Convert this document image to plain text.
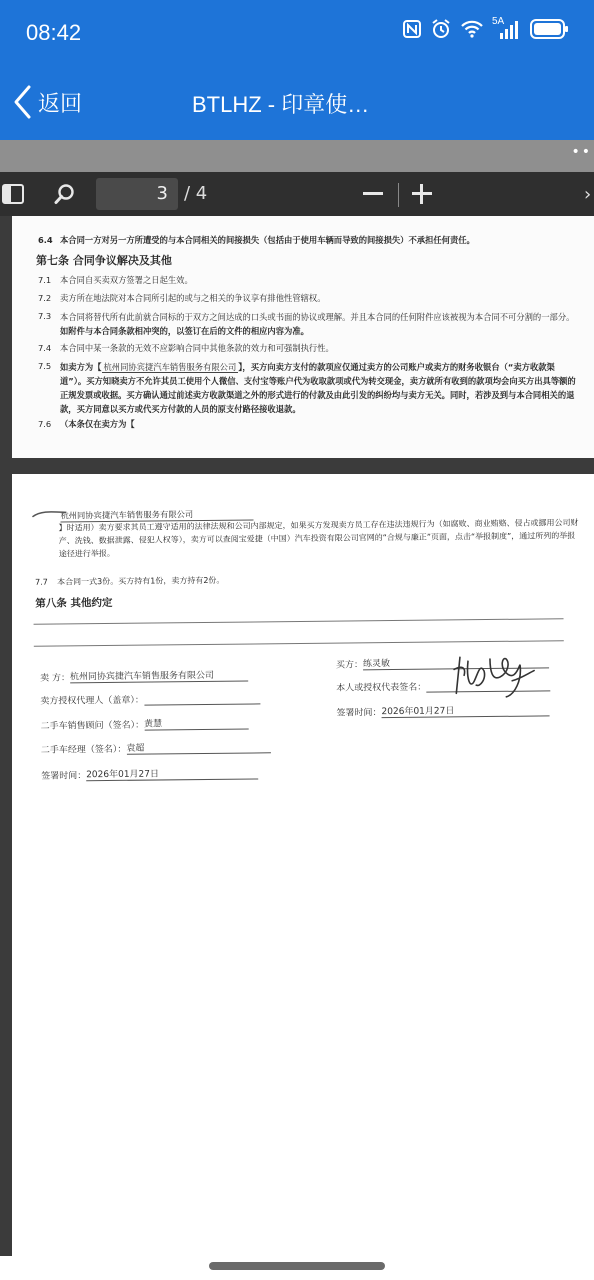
08:42	5A
返回	BTLHZ - 印章使…
••
3 / 4	›
6.4 本合同一方对另一方所遭受的与本合同相关的间接损失（包括由于使用车辆而导致的间接损失）不承担任何责任。
第七条 合同争议解决及其他
7.1 本合同自买卖双方签署之日起生效。
7.2 卖方所在地法院对本合同所引起的或与之相关的争议享有排他性管辖权。
7.3	本合同将替代所有此前就合同标的于双方之间达成的口头或书面的协议或理解。并且本合同的任何附件应该被视为本合同不可分割的一部分。如附件与本合同条款相冲突的，以签订在后的文件的相应内容为准。
7.4 本合同中某一条款的无效不应影响合同中其他条款的效力和可强制执行性。
7.5	如卖方为【 杭州同协宾捷汽车销售服务有限公司 】，买方向卖方支付的款项应仅通过卖方的公司账户或卖方的财务收银台（“卖方收款渠道”）。买方知晓卖方不允许其员工使用个人微信、支付宝等账户代为收取款项或代为转交现金，卖方就所有收到的款项均会向买方出具等额的正规发票或收据。买方确认通过前述卖方收款渠道之外的形式进行的付款及由此引发的纠纷均与卖方无关。同时，若涉及到与本合同相关的退款，买方同意以买方或代买方付款的人员的原支付路径接收退款。
7.6 （本条仅在卖方为【
杭州同协宾捷汽车销售服务有限公司
】时适用）卖方要求其员工遵守适用的法律法规和公司内部规定，如果买方发现卖方员工存在违法违规行为（如腐败、商业贿赂、侵占或挪用公司财产、洗钱、数据泄露、侵犯人权等），卖方可以查阅宝爱捷（中国）汽车投资有限公司官网的“合规与廉正”页面，点击“举报制度”，通过所列的举报途径进行举报。
7.7 本合同一式3份。买方持有1份，卖方持有2份。
第八条 其他约定
卖 方：杭州同协宾捷汽车销售服务有限公司
卖方授权代理人（盖章）：
二手车销售顾问（签名）：黄慧
二手车经理（签名）：袁超
签署时间：2026年01月27日
买方：练灵敏
本人或授权代表签名：
签署时间：2026年01月27日
